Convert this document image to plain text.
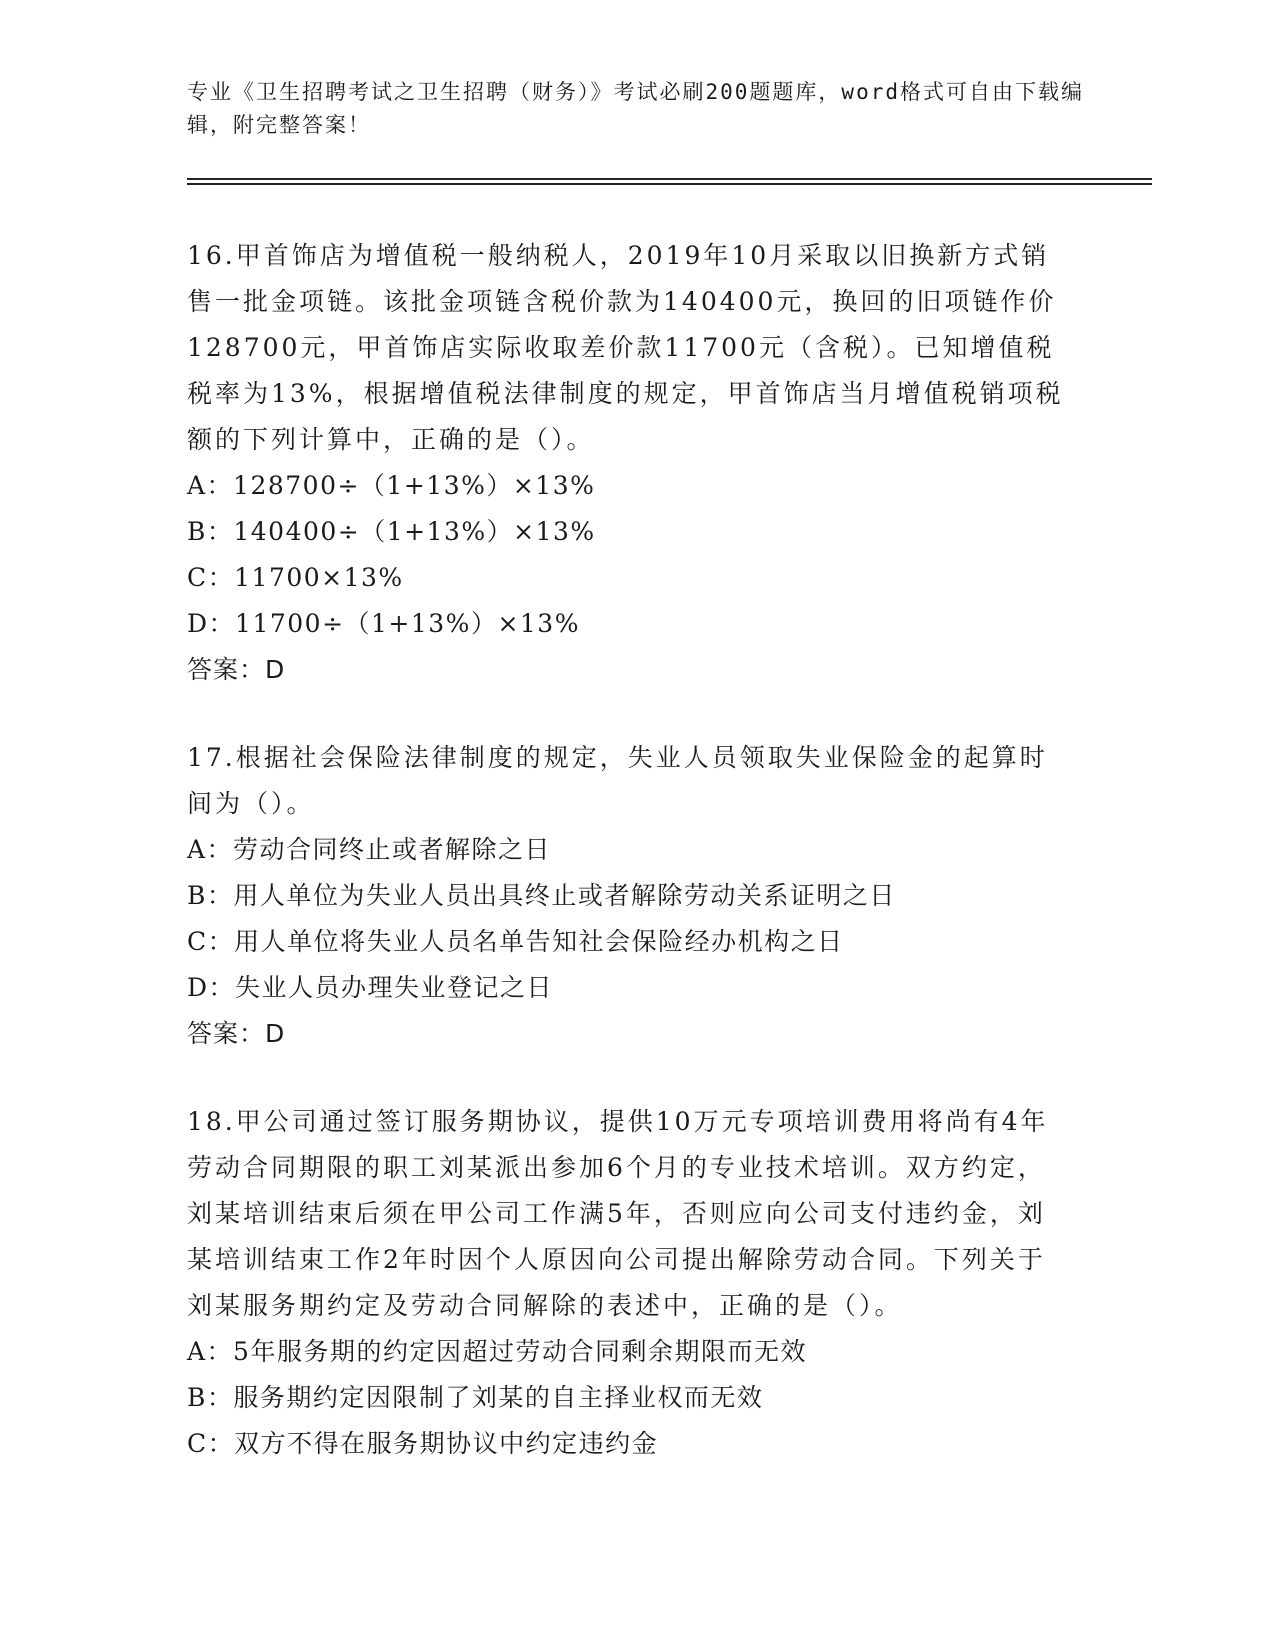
专业《卫生招聘考试之卫生招聘（财务）》考试必刷200题题库，word格式可自由下载编辑，附完整答案！

16.甲首饰店为增值税一般纳税人，2019年10月采取以旧换新方式销售一批金项链。该批金项链含税价款为140400元，换回的旧项链作价128700元，甲首饰店实际收取差价款11700元（含税）。已知增值税税率为13%，根据增值税法律制度的规定，甲首饰店当月增值税销项税额的下列计算中，正确的是（）。

A：128700÷（1+13%）×13%

B：140400÷（1+13%）×13%

C：11700×13%

D：11700÷（1+13%）×13%

答案：D

17.根据社会保险法律制度的规定，失业人员领取失业保险金的起算时间为（）。

A：劳动合同终止或者解除之日

B：用人单位为失业人员出具终止或者解除劳动关系证明之日

C：用人单位将失业人员名单告知社会保险经办机构之日

D：失业人员办理失业登记之日

答案：D

18.甲公司通过签订服务期协议，提供10万元专项培训费用将尚有4年劳动合同期限的职工刘某派出参加6个月的专业技术培训。双方约定，刘某培训结束后须在甲公司工作满5年，否则应向公司支付违约金，刘某培训结束工作2年时因个人原因向公司提出解除劳动合同。下列关于刘某服务期约定及劳动合同解除的表述中，正确的是（）。

A：5年服务期的约定因超过劳动合同剩余期限而无效

B：服务期约定因限制了刘某的自主择业权而无效

C：双方不得在服务期协议中约定违约金
